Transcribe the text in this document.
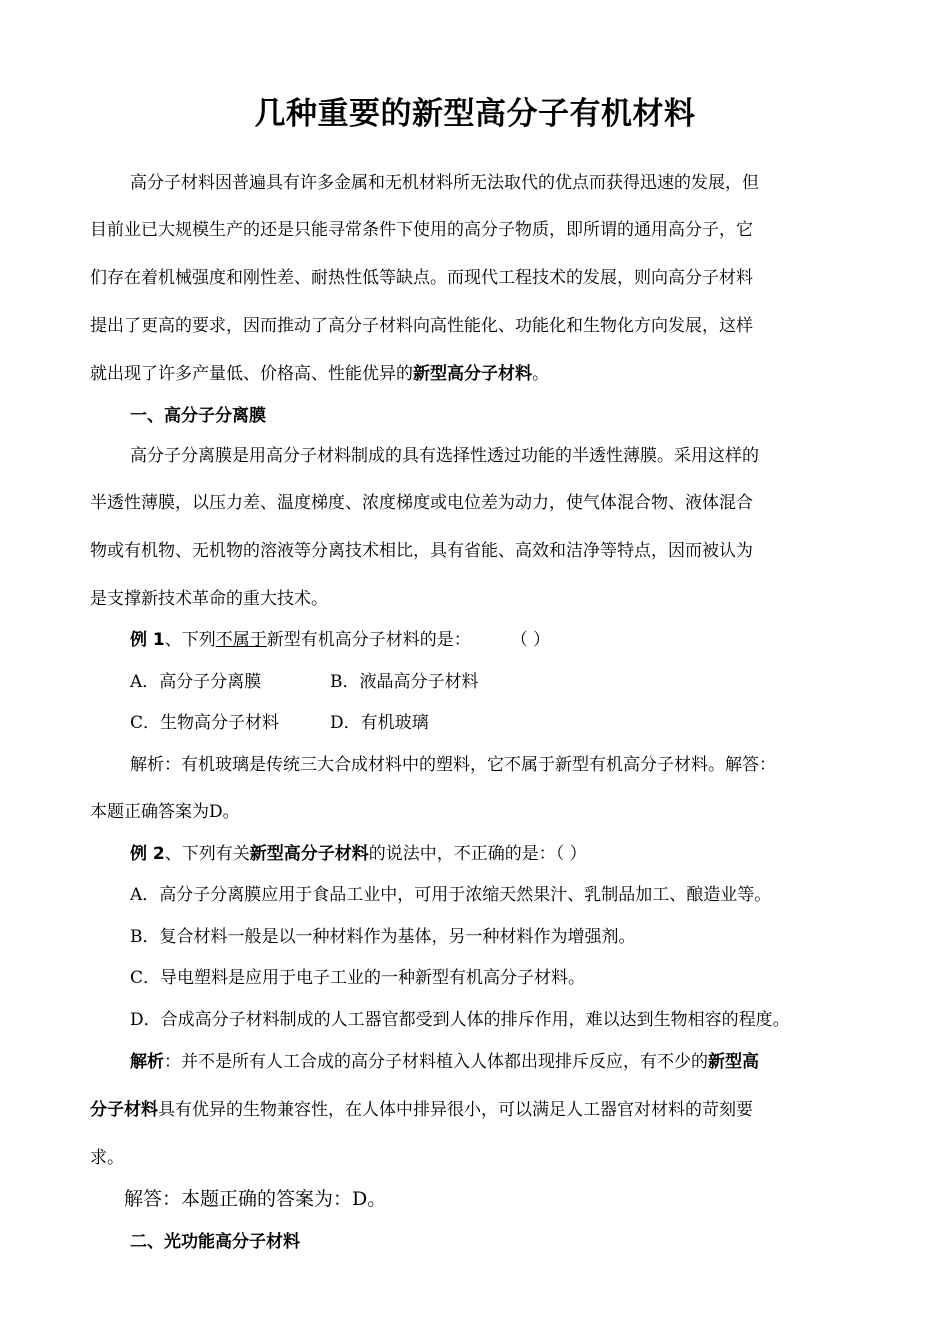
几种重要的新型高分子有机材料
高分子材料因普遍具有许多金属和无机材料所无法取代的优点而获得迅速的发展，但
目前业已大规模生产的还是只能寻常条件下使用的高分子物质，即所谓的通用高分子，它
们存在着机械强度和刚性差、耐热性低等缺点。而现代工程技术的发展，则向高分子材料
提出了更高的要求，因而推动了高分子材料向高性能化、功能化和生物化方向发展，这样
就出现了许多产量低、价格高、性能优异的新型高分子材料。
一、高分子分离膜
高分子分离膜是用高分子材料制成的具有选择性透过功能的半透性薄膜。采用这样的
半透性薄膜，以压力差、温度梯度、浓度梯度或电位差为动力，使气体混合物、液体混合
物或有机物、无机物的溶液等分离技术相比，具有省能、高效和洁净等特点，因而被认为
是支撑新技术革命的重大技术。
例 1、下列不属于新型有机高分子材料的是： （ ）
A．高分子分离膜	B．液晶高分子材料
C．生物高分子材料	D．有机玻璃
解析：有机玻璃是传统三大合成材料中的塑料，它不属于新型有机高分子材料。解答：
本题正确答案为D。
例 2、下列有关新型高分子材料的说法中，不正确的是：（ ）
A．高分子分离膜应用于食品工业中，可用于浓缩天然果汁、乳制品加工、酿造业等。
B．复合材料一般是以一种材料作为基体，另一种材料作为增强剂。
C．导电塑料是应用于电子工业的一种新型有机高分子材料。
D．合成高分子材料制成的人工器官都受到人体的排斥作用，难以达到生物相容的程度。
解析：并不是所有人工合成的高分子材料植入人体都出现排斥反应，有不少的新型高
分子材料具有优异的生物兼容性，在人体中排异很小，可以满足人工器官对材料的苛刻要
求。
解答：本题正确的答案为：D。
二、光功能高分子材料
